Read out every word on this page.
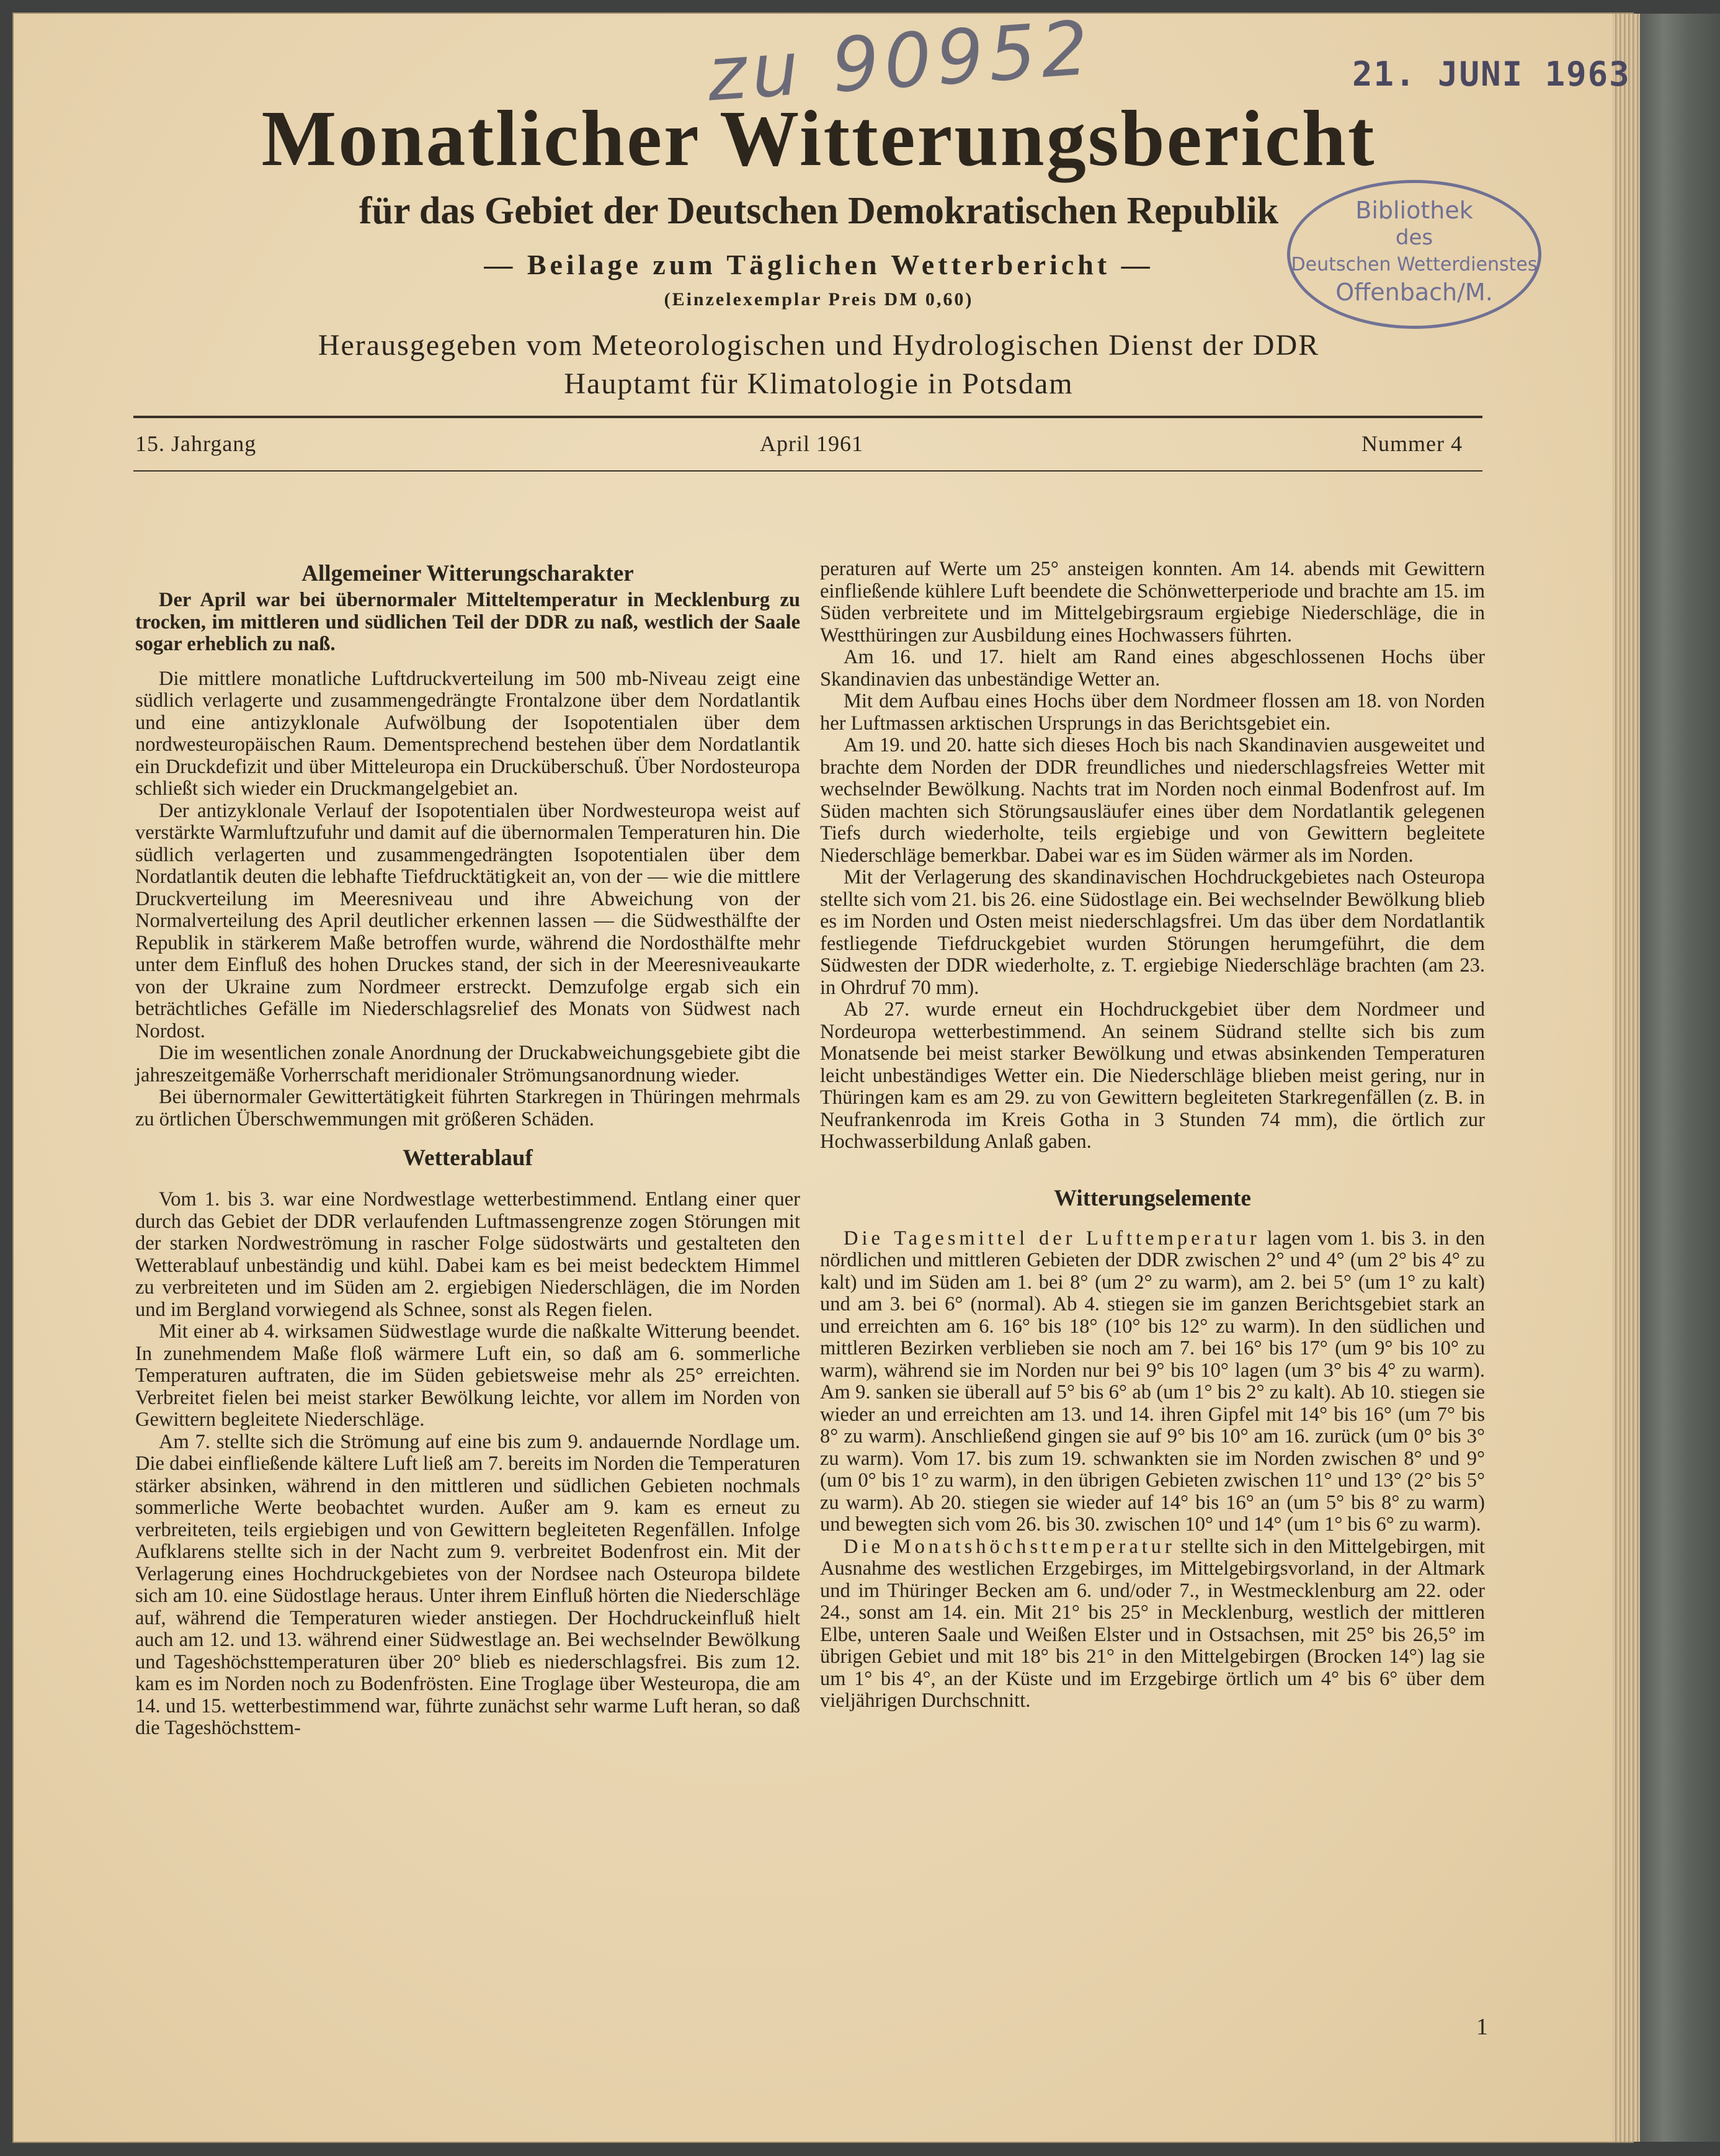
zu 90952	21. JUNI 1963
Bibliothek
des
Deutschen Wetterdienstes
Offenbach/M.
Monatlicher Witterungsbericht
für das Gebiet der Deutschen Demokratischen Republik
— Beilage zum Täglichen Wetterbericht —
(Einzelexemplar Preis DM 0,60)
Herausgegeben vom Meteorologischen und Hydrologischen Dienst der DDR
Hauptamt für Klimatologie in Potsdam
15. Jahrgang	April 1961	Nummer 4
Allgemeiner Witterungscharakter

Der April war bei übernormaler Mitteltemperatur in Mecklenburg zu trocken, im mittleren und südlichen Teil der DDR zu naß, westlich der Saale sogar erheblich zu naß.

Die mittlere monatliche Luftdruckverteilung im 500 mb-Niveau zeigt eine südlich verlagerte und zusammengedrängte Frontalzone über dem Nordatlantik und eine antizyklonale Aufwölbung der Isopotentialen über dem nordwesteuropäischen Raum. Dementsprechend bestehen über dem Nordatlantik ein Druckdefizit und über Mitteleuropa ein Drucküberschuß. Über Nordosteuropa schließt sich wieder ein Druckmangelgebiet an.

Der antizyklonale Verlauf der Isopotentialen über Nordwesteuropa weist auf verstärkte Warmluftzufuhr und damit auf die übernormalen Temperaturen hin. Die südlich verlagerten und zusammengedrängten Isopotentialen über dem Nordatlantik deuten die lebhafte Tiefdrucktätigkeit an, von der — wie die mittlere Druckverteilung im Meeresniveau und ihre Abweichung von der Normalverteilung des April deutlicher erkennen lassen — die Südwesthälfte der Republik in stärkerem Maße betroffen wurde, während die Nordosthälfte mehr unter dem Einfluß des hohen Druckes stand, der sich in der Meeresniveaukarte von der Ukraine zum Nordmeer erstreckt. Demzufolge ergab sich ein beträchtliches Gefälle im Niederschlagsrelief des Monats von Südwest nach Nordost.

Die im wesentlichen zonale Anordnung der Druckabweichungsgebiete gibt die jahreszeitgemäße Vorherrschaft meridionaler Strömungsanordnung wieder.

Bei übernormaler Gewittertätigkeit führten Starkregen in Thüringen mehrmals zu örtlichen Überschwemmungen mit größeren Schäden.

Wetterablauf

Vom 1. bis 3. war eine Nordwestlage wetterbestimmend. Entlang einer quer durch das Gebiet der DDR verlaufenden Luftmassengrenze zogen Störungen mit der starken Nordweströmung in rascher Folge südostwärts und gestalteten den Wetterablauf unbeständig und kühl. Dabei kam es bei meist bedecktem Himmel zu verbreiteten und im Süden am 2. ergiebigen Niederschlägen, die im Norden und im Bergland vorwiegend als Schnee, sonst als Regen fielen.

Mit einer ab 4. wirksamen Südwestlage wurde die naßkalte Witterung beendet. In zunehmendem Maße floß wärmere Luft ein, so daß am 6. sommerliche Temperaturen auftraten, die im Süden gebietsweise mehr als 25° erreichten. Verbreitet fielen bei meist starker Bewölkung leichte, vor allem im Norden von Gewittern begleitete Niederschläge.

Am 7. stellte sich die Strömung auf eine bis zum 9. andauernde Nordlage um. Die dabei einfließende kältere Luft ließ am 7. bereits im Norden die Temperaturen stärker absinken, während in den mittleren und südlichen Gebieten nochmals sommerliche Werte beobachtet wurden. Außer am 9. kam es erneut zu verbreiteten, teils ergiebigen und von Gewittern begleiteten Regenfällen. Infolge Aufklarens stellte sich in der Nacht zum 9. verbreitet Bodenfrost ein. Mit der Verlagerung eines Hochdruckgebietes von der Nordsee nach Osteuropa bildete sich am 10. eine Südostlage heraus. Unter ihrem Einfluß hörten die Niederschläge auf, während die Temperaturen wieder anstiegen. Der Hochdruckeinfluß hielt auch am 12. und 13. während einer Südwestlage an. Bei wechselnder Bewölkung und Tageshöchsttemperaturen über 20° blieb es niederschlagsfrei. Bis zum 12. kam es im Norden noch zu Bodenfrösten. Eine Troglage über Westeuropa, die am 14. und 15. wetterbestimmend war, führte zunächst sehr warme Luft heran, so daß die Tageshöchsttem-

peraturen auf Werte um 25° ansteigen konnten. Am 14. abends mit Gewittern einfließende kühlere Luft beendete die Schönwetterperiode und brachte am 15. im Süden verbreitete und im Mittelgebirgsraum ergiebige Niederschläge, die in Westthüringen zur Ausbildung eines Hochwassers führten.

Am 16. und 17. hielt am Rand eines abgeschlossenen Hochs über Skandinavien das unbeständige Wetter an.

Mit dem Aufbau eines Hochs über dem Nordmeer flossen am 18. von Norden her Luftmassen arktischen Ursprungs in das Berichtsgebiet ein.

Am 19. und 20. hatte sich dieses Hoch bis nach Skandinavien ausgeweitet und brachte dem Norden der DDR freundliches und niederschlagsfreies Wetter mit wechselnder Bewölkung. Nachts trat im Norden noch einmal Bodenfrost auf. Im Süden machten sich Störungsausläufer eines über dem Nordatlantik gelegenen Tiefs durch wiederholte, teils ergiebige und von Gewittern begleitete Niederschläge bemerkbar. Dabei war es im Süden wärmer als im Norden.

Mit der Verlagerung des skandinavischen Hochdruckgebietes nach Osteuropa stellte sich vom 21. bis 26. eine Südostlage ein. Bei wechselnder Bewölkung blieb es im Norden und Osten meist niederschlagsfrei. Um das über dem Nordatlantik festliegende Tiefdruckgebiet wurden Störungen herumgeführt, die dem Südwesten der DDR wiederholte, z. T. ergiebige Niederschläge brachten (am 23. in Ohrdruf 70 mm).

Ab 27. wurde erneut ein Hochdruckgebiet über dem Nordmeer und Nordeuropa wetterbestimmend. An seinem Südrand stellte sich bis zum Monatsende bei meist starker Bewölkung und etwas absinkenden Temperaturen leicht unbeständiges Wetter ein. Die Niederschläge blieben meist gering, nur in Thüringen kam es am 29. zu von Gewittern begleiteten Starkregenfällen (z. B. in Neufrankenroda im Kreis Gotha in 3 Stunden 74 mm), die örtlich zur Hochwasserbildung Anlaß gaben.

Witterungselemente

Die Tagesmittel der Lufttemperatur lagen vom 1. bis 3. in den nördlichen und mittleren Gebieten der DDR zwischen 2° und 4° (um 2° bis 4° zu kalt) und im Süden am 1. bei 8° (um 2° zu warm), am 2. bei 5° (um 1° zu kalt) und am 3. bei 6° (normal). Ab 4. stiegen sie im ganzen Berichtsgebiet stark an und erreichten am 6. 16° bis 18° (10° bis 12° zu warm). In den südlichen und mittleren Bezirken verblieben sie noch am 7. bei 16° bis 17° (um 9° bis 10° zu warm), während sie im Norden nur bei 9° bis 10° lagen (um 3° bis 4° zu warm). Am 9. sanken sie überall auf 5° bis 6° ab (um 1° bis 2° zu kalt). Ab 10. stiegen sie wieder an und erreichten am 13. und 14. ihren Gipfel mit 14° bis 16° (um 7° bis 8° zu warm). Anschließend gingen sie auf 9° bis 10° am 16. zurück (um 0° bis 3° zu warm). Vom 17. bis zum 19. schwankten sie im Norden zwischen 8° und 9° (um 0° bis 1° zu warm), in den übrigen Gebieten zwischen 11° und 13° (2° bis 5° zu warm). Ab 20. stiegen sie wieder auf 14° bis 16° an (um 5° bis 8° zu warm) und bewegten sich vom 26. bis 30. zwischen 10° und 14° (um 1° bis 6° zu warm).

Die Monatshöchsttemperatur stellte sich in den Mittelgebirgen, mit Ausnahme des westlichen Erzgebirges, im Mittelgebirgsvorland, in der Altmark und im Thüringer Becken am 6. und/oder 7., in Westmecklenburg am 22. oder 24., sonst am 14. ein. Mit 21° bis 25° in Mecklenburg, westlich der mittleren Elbe, unteren Saale und Weißen Elster und in Ostsachsen, mit 25° bis 26,5° im übrigen Gebiet und mit 18° bis 21° in den Mittelgebirgen (Brocken 14°) lag sie um 1° bis 4°, an der Küste und im Erzgebirge örtlich um 4° bis 6° über dem vieljährigen Durchschnitt.

1
